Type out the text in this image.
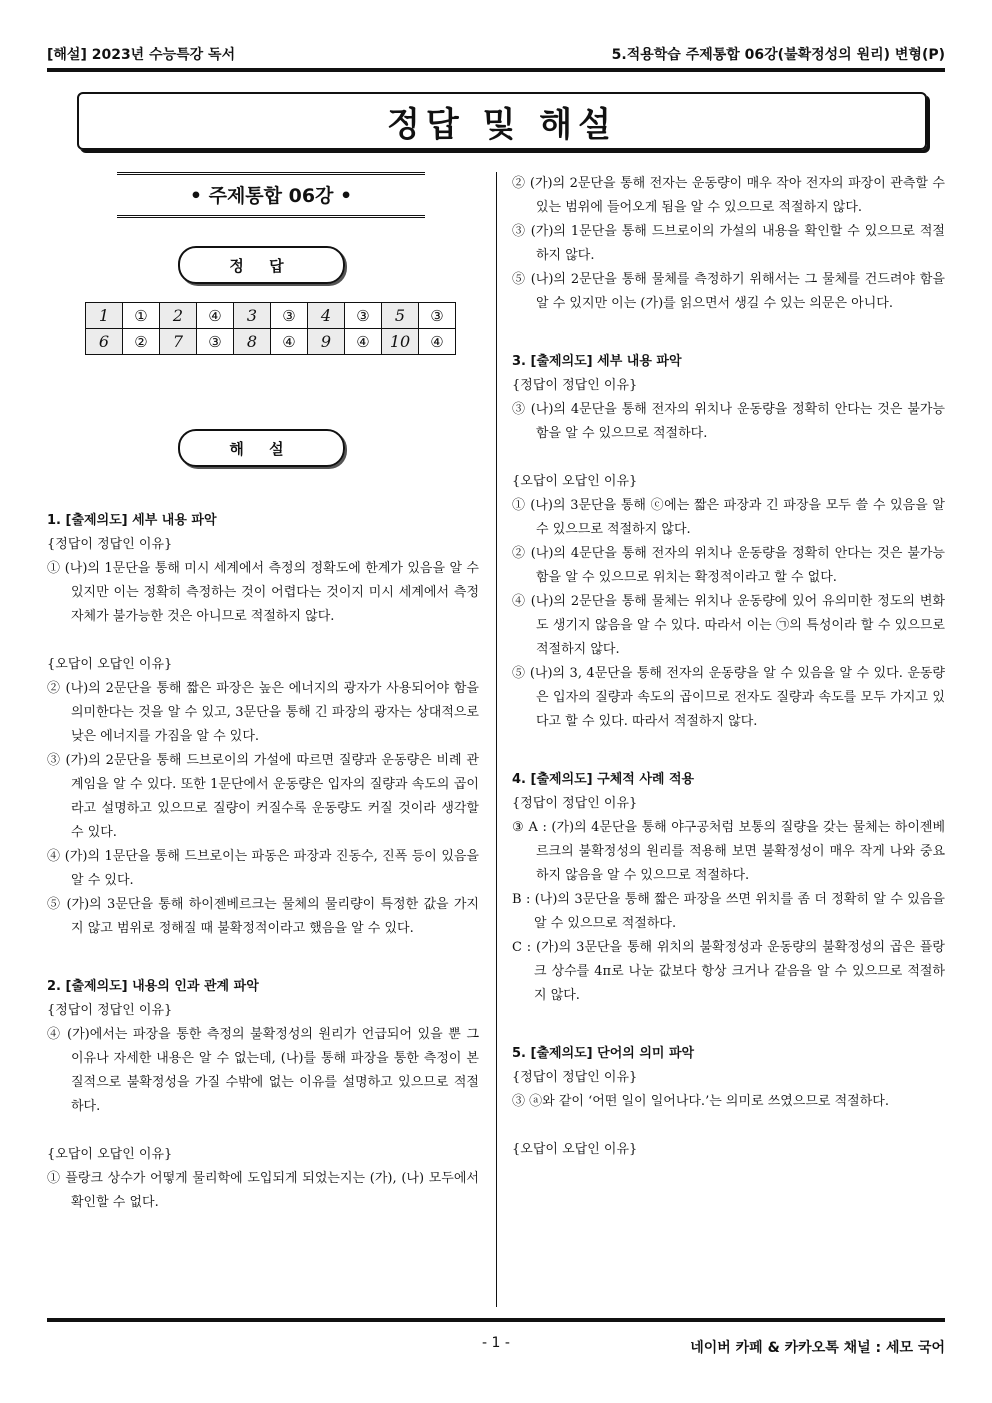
[해설] 2023년 수능특강 독서	5.적용학습 주제통합 06강(불확정성의 원리) 변형(P)
정답 및 해설
• 주제통합 06강 •
정 답
1	①	2	④	3	③	4	③	5	③
6	②	7	③	8	④	9	④	10	④
해 설
1. [출제의도] 세부 내용 파악
{정답이 정답인 이유}
① (나)의 1문단을 통해 미시 세계에서 측정의 정확도에 한계가 있음을 알 수 있지만 이는 정확히 측정하는 것이 어렵다는 것이지 미시 세계에서 측정 자체가 불가능한 것은 아니므로 적절하지 않다.
{오답이 오답인 이유}
② (나)의 2문단을 통해 짧은 파장은 높은 에너지의 광자가 사용되어야 함을 의미한다는 것을 알 수 있고, 3문단을 통해 긴 파장의 광자는 상대적으로 낮은 에너지를 가짐을 알 수 있다.
③ (가)의 2문단을 통해 드브로이의 가설에 따르면 질량과 운동량은 비례 관계임을 알 수 있다. 또한 1문단에서 운동량은 입자의 질량과 속도의 곱이라고 설명하고 있으므로 질량이 커질수록 운동량도 커질 것이라 생각할 수 있다.
④ (가)의 1문단을 통해 드브로이는 파동은 파장과 진동수, 진폭 등이 있음을 알 수 있다.
⑤ (가)의 3문단을 통해 하이젠베르크는 물체의 물리량이 특정한 값을 가지지 않고 범위로 정해질 때 불확정적이라고 했음을 알 수 있다.
2. [출제의도] 내용의 인과 관계 파악
{정답이 정답인 이유}
④ (가)에서는 파장을 통한 측정의 불확정성의 원리가 언급되어 있을 뿐 그 이유나 자세한 내용은 알 수 없는데, (나)를 통해 파장을 통한 측정이 본질적으로 불확정성을 가질 수밖에 없는 이유를 설명하고 있으므로 적절하다.
{오답이 오답인 이유}
① 플랑크 상수가 어떻게 물리학에 도입되게 되었는지는 (가), (나) 모두에서 확인할 수 없다.
② (가)의 2문단을 통해 전자는 운동량이 매우 작아 전자의 파장이 관측할 수 있는 범위에 들어오게 됨을 알 수 있으므로 적절하지 않다.
③ (가)의 1문단을 통해 드브로이의 가설의 내용을 확인할 수 있으므로 적절하지 않다.
⑤ (나)의 2문단을 통해 물체를 측정하기 위해서는 그 물체를 건드려야 함을 알 수 있지만 이는 (가)를 읽으면서 생길 수 있는 의문은 아니다.
3. [출제의도] 세부 내용 파악
{정답이 정답인 이유}
③ (나)의 4문단을 통해 전자의 위치나 운동량을 정확히 안다는 것은 불가능함을 알 수 있으므로 적절하다.
{오답이 오답인 이유}
① (나)의 3문단을 통해 ⓒ에는 짧은 파장과 긴 파장을 모두 쓸 수 있음을 알 수 있으므로 적절하지 않다.
② (나)의 4문단을 통해 전자의 위치나 운동량을 정확히 안다는 것은 불가능함을 알 수 있으므로 위치는 확정적이라고 할 수 없다.
④ (나)의 2문단을 통해 물체는 위치나 운동량에 있어 유의미한 정도의 변화도 생기지 않음을 알 수 있다. 따라서 이는 ㉠의 특성이라 할 수 있으므로 적절하지 않다.
⑤ (나)의 3, 4문단을 통해 전자의 운동량을 알 수 있음을 알 수 있다. 운동량은 입자의 질량과 속도의 곱이므로 전자도 질량과 속도를 모두 가지고 있다고 할 수 있다. 따라서 적절하지 않다.
4. [출제의도] 구체적 사례 적용
{정답이 정답인 이유}
③ A : (가)의 4문단을 통해 야구공처럼 보통의 질량을 갖는 물체는 하이젠베르크의 불확정성의 원리를 적용해 보면 불확정성이 매우 작게 나와 중요하지 않음을 알 수 있으므로 적절하다.
B : (나)의 3문단을 통해 짧은 파장을 쓰면 위치를 좀 더 정확히 알 수 있음을 알 수 있으므로 적절하다.
C : (가)의 3문단을 통해 위치의 불확정성과 운동량의 불확정성의 곱은 플랑크 상수를 4π로 나눈 값보다 항상 크거나 같음을 알 수 있으므로 적절하지 않다.
5. [출제의도] 단어의 의미 파악
{정답이 정답인 이유}
③ ⓐ와 같이 ‘어떤 일이 일어나다.’는 의미로 쓰였으므로 적절하다.
{오답이 오답인 이유}
- 1 -	네이버 카페 & 카카오톡 채널 : 세모 국어
